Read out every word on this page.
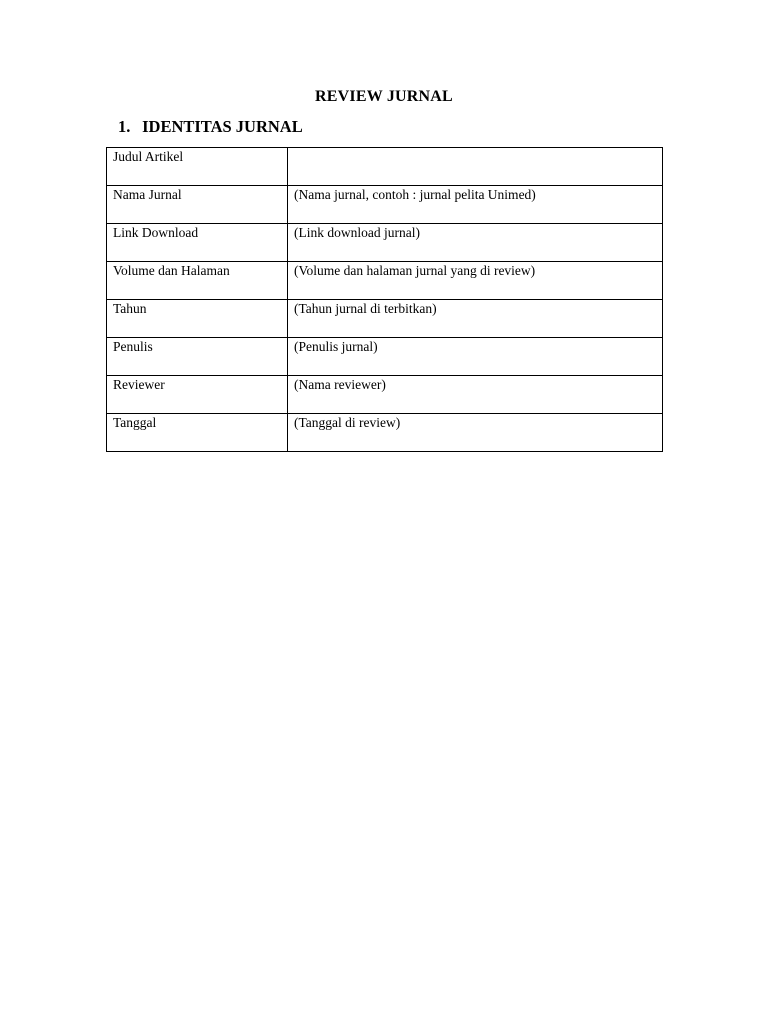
REVIEW JURNAL
1. IDENTITAS JURNAL
Judul Artikel	
Nama Jurnal	(Nama jurnal, contoh : jurnal pelita Unimed)
Link Download	(Link download jurnal)
Volume dan Halaman	(Volume dan halaman jurnal yang di review)
Tahun	(Tahun jurnal di terbitkan)
Penulis	(Penulis jurnal)
Reviewer	(Nama reviewer)
Tanggal	(Tanggal di review)
